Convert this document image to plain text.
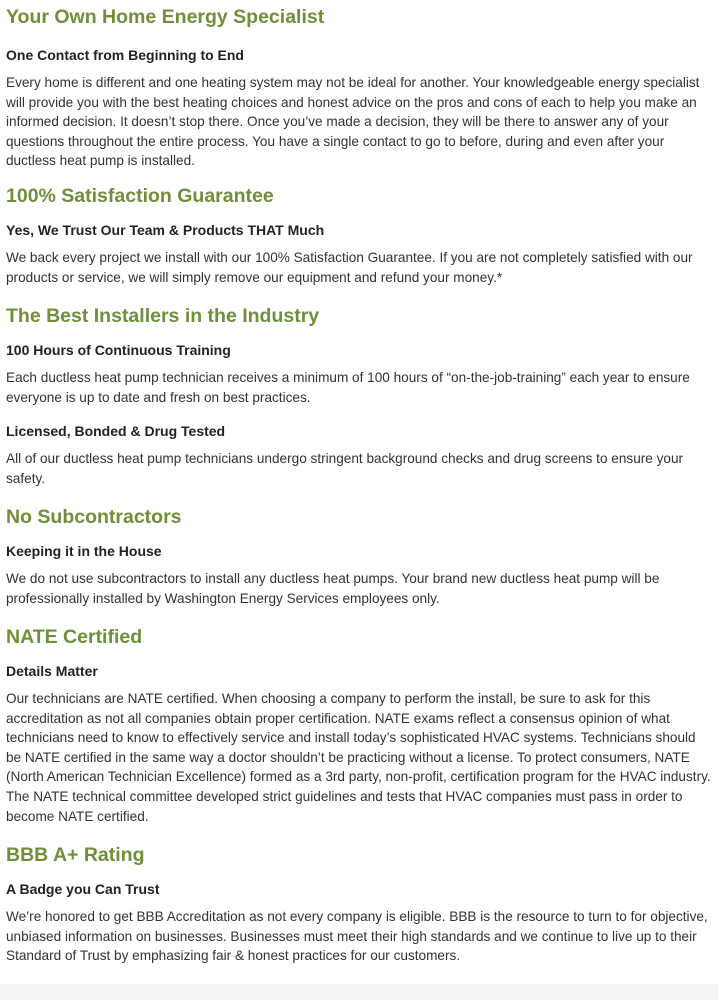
Your Own Home Energy Specialist
One Contact from Beginning to End

Every home is different and one heating system may not be ideal for another. Your knowledgeable energy specialist will provide you with the best heating choices and honest advice on the pros and cons of each to help you make an informed decision. It doesn’t stop there. Once you’ve made a decision, they will be there to answer any of your questions throughout the entire process. You have a single contact to go to before, during and even after your ductless heat pump is installed.

100% Satisfaction Guarantee
Yes, We Trust Our Team & Products THAT Much

We back every project we install with our 100% Satisfaction Guarantee. If you are not completely satisfied with our products or service, we will simply remove our equipment and refund your money.*

The Best Installers in the Industry
100 Hours of Continuous Training

Each ductless heat pump technician receives a minimum of 100 hours of “on-the-job-training” each year to ensure everyone is up to date and fresh on best practices.

Licensed, Bonded & Drug Tested

All of our ductless heat pump technicians undergo stringent background checks and drug screens to ensure your safety.

No Subcontractors
Keeping it in the House

We do not use subcontractors to install any ductless heat pumps. Your brand new ductless heat pump will be professionally installed by Washington Energy Services employees only.

NATE Certified
Details Matter

Our technicians are NATE certified. When choosing a company to perform the install, be sure to ask for this accreditation as not all companies obtain proper certification. NATE exams reflect a consensus opinion of what technicians need to know to effectively service and install today’s sophisticated HVAC systems. Technicians should be NATE certified in the same way a doctor shouldn’t be practicing without a license. To protect consumers, NATE (North American Technician Excellence) formed as a 3rd party, non-profit, certification program for the HVAC industry. The NATE technical committee developed strict guidelines and tests that HVAC companies must pass in order to become NATE certified.

BBB A+ Rating
A Badge you Can Trust

We’re honored to get BBB Accreditation as not every company is eligible. BBB is the resource to turn to for objective, unbiased information on businesses. Businesses must meet their high standards and we continue to live up to their Standard of Trust by emphasizing fair & honest practices for our customers.
